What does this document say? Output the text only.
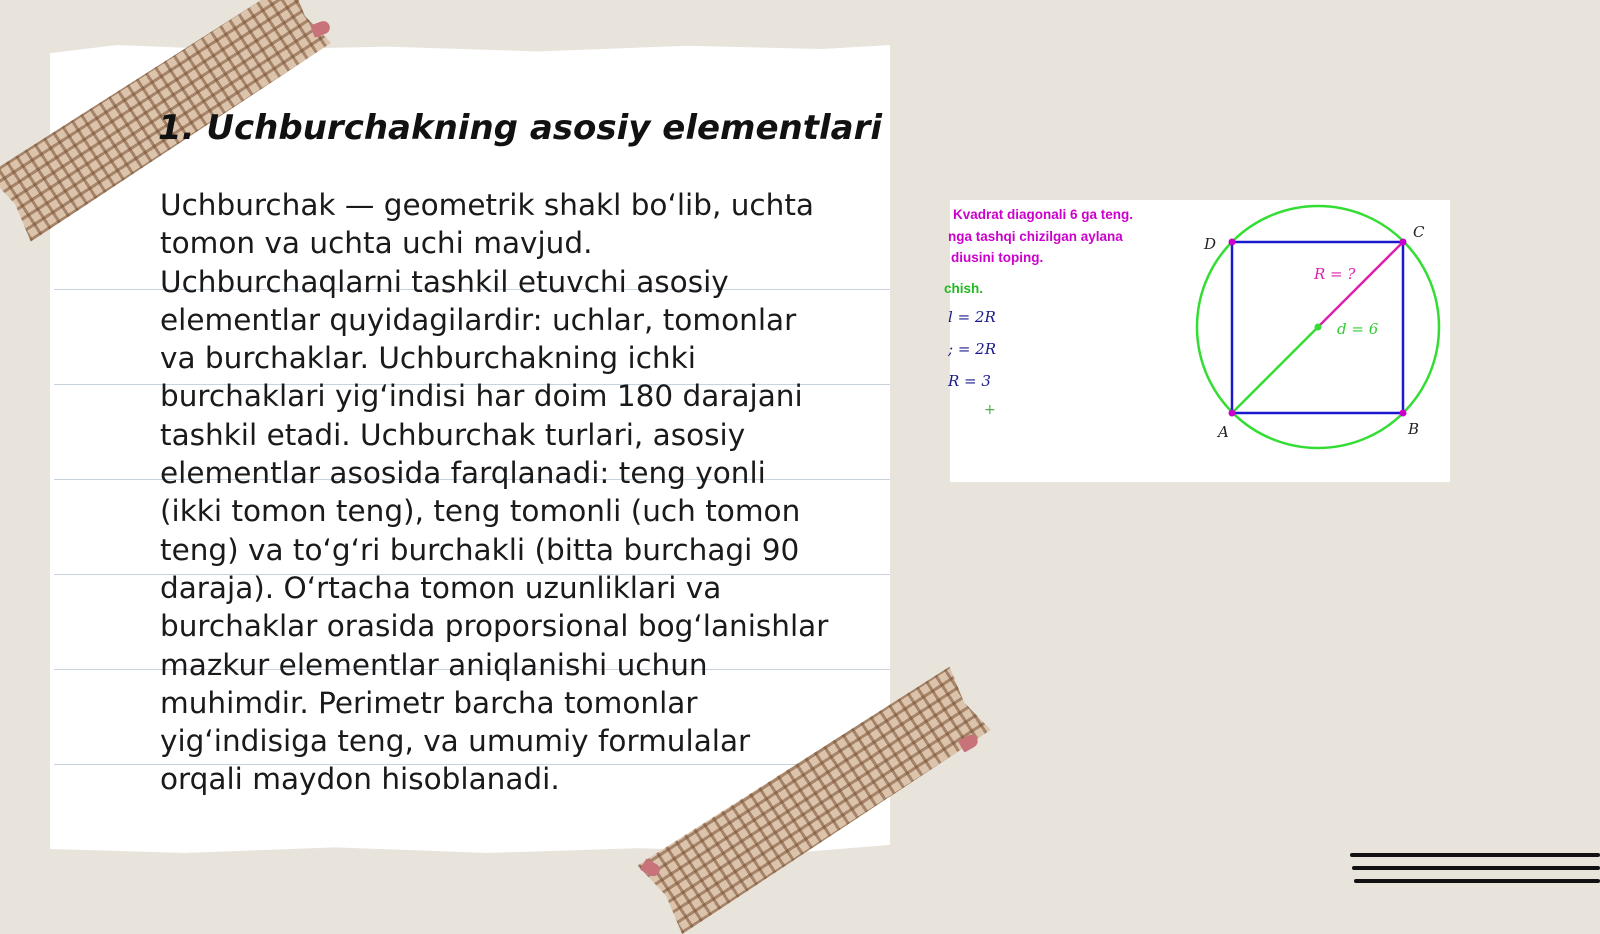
1. Uchburchakning asosiy elementlari

Uchburchak — geometrik shakl bo‘lib, uchta tomon va uchta uchi mavjud. Uchburchaqlarni tashkil etuvchi asosiy elementlar quyidagilardir: uchlar, tomonlar va burchaklar. Uchburchakning ichki burchaklari yig‘indisi har doim 180 darajani tashkil etadi. Uchburchak turlari, asosiy elementlar asosida farqlanadi: teng yonli (ikki tomon teng), teng tomonli (uch tomon teng) va to‘g‘ri burchakli (bitta burchagi 90 daraja). O‘rtacha tomon uzunliklari va burchaklar orasida proporsional bog‘lanishlar mazkur elementlar aniqlanishi uchun muhimdir. Perimetr barcha tomonlar yig‘indisiga teng, va umumiy formulalar orqali maydon hisoblanadi.

Kvadrat diagonali 6 ga teng.
nga tashqi chizilgan aylana
diusini toping.
chish.
l = 2R
; = 2R
R = 3
+
R = ?
d = 6
A	B
C
D
